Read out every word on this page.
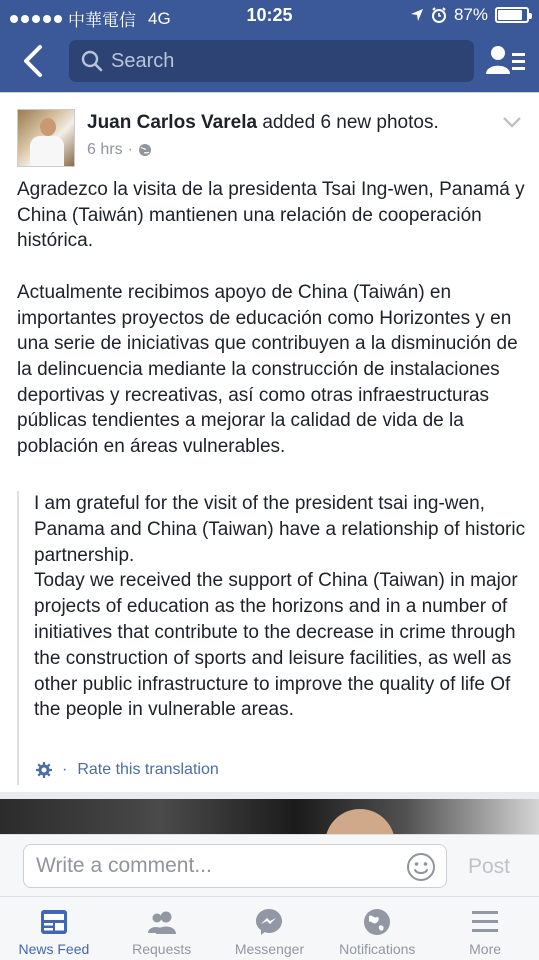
中華電信 4G	10:25	87%
Search
Juan Carlos Varela added 6 new photos.
6 hrs ·

Agradezco la visita de la presidenta Tsai Ing-wen, Panamá y China (Taiwán) mantienen una relación de cooperación histórica.

Actualmente recibimos apoyo de China (Taiwán) en importantes proyectos de educación como Horizontes y en una serie de iniciativas que contribuyen a la disminución de la delincuencia mediante la construcción de instalaciones deportivas y recreativas, así como otras infraestructuras públicas tendientes a mejorar la calidad de vida de la población en áreas vulnerables.

I am grateful for the visit of the president tsai ing-wen, Panama and China (Taiwan) have a relationship of historic partnership.
Today we received the support of China (Taiwan) in major projects of education as the horizons and in a number of initiatives that contribute to the decrease in crime through the construction of sports and leisure facilities, as well as other public infrastructure to improve the quality of life Of the people in vulnerable areas.

· Rate this translation
Write a comment...	Post
News Feed	Requests	Messenger	Notifications	More
